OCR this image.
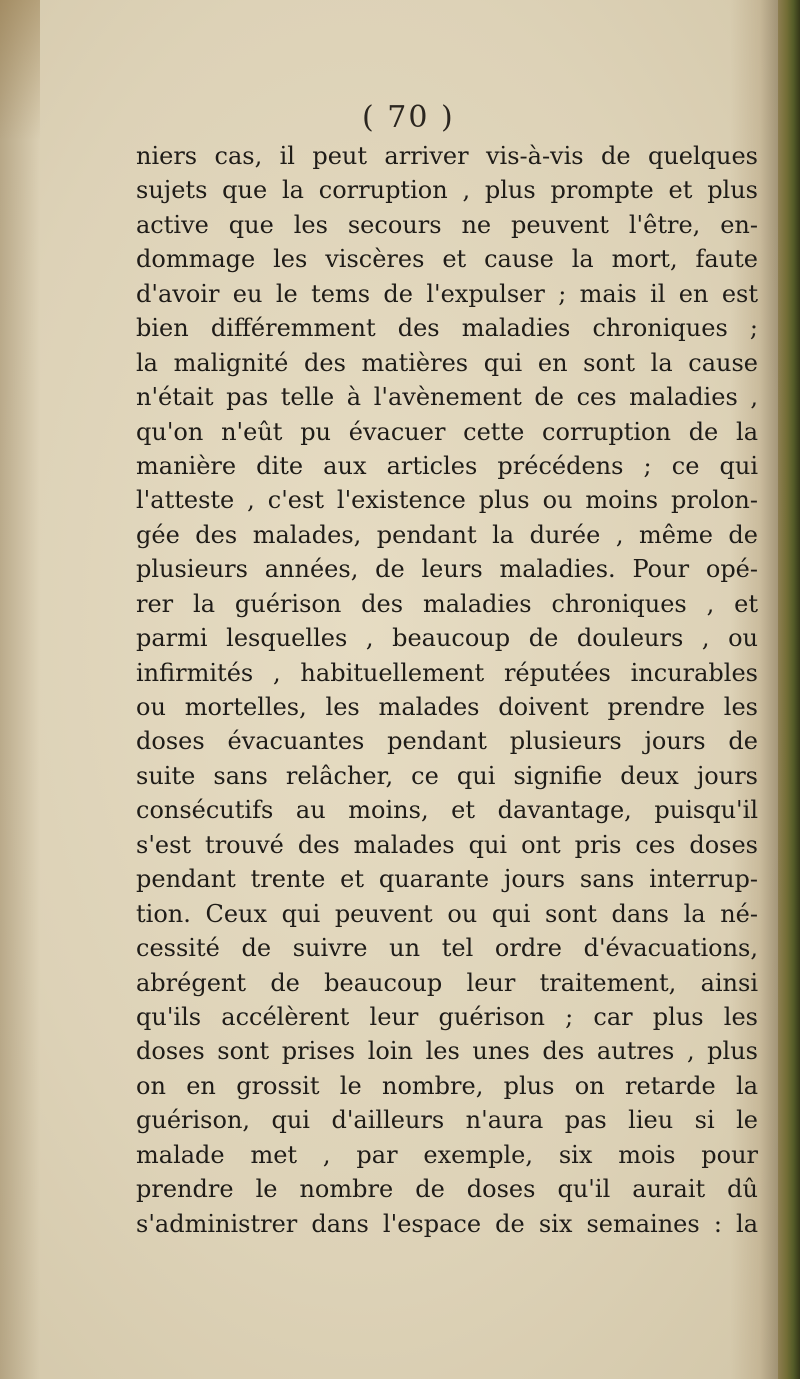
( 70 )
niers cas, il peut arriver vis-à-vis de quelques
sujets que la corruption , plus prompte et plus
active que les secours ne peuvent l'être, en-
dommage les viscères et cause la mort, faute
d'avoir eu le tems de l'expulser ; mais il en est
bien différemment des maladies chroniques ;
la malignité des matières qui en sont la cause
n'était pas telle à l'avènement de ces maladies ,
qu'on n'eût pu évacuer cette corruption de la
manière dite aux articles précédens ; ce qui
l'atteste , c'est l'existence plus ou moins prolon-
gée des malades, pendant la durée , même de
plusieurs années, de leurs maladies. Pour opé-
rer la guérison des maladies chroniques , et
parmi lesquelles , beaucoup de douleurs , ou
infirmités , habituellement réputées incurables
ou mortelles, les malades doivent prendre les
doses évacuantes pendant plusieurs jours de
suite sans relâcher, ce qui signifie deux jours
consécutifs au moins, et davantage, puisqu'il
s'est trouvé des malades qui ont pris ces doses
pendant trente et quarante jours sans interrup-
tion. Ceux qui peuvent ou qui sont dans la né-
cessité de suivre un tel ordre d'évacuations,
abrégent de beaucoup leur traitement, ainsi
qu'ils accélèrent leur guérison ; car plus les
doses sont prises loin les unes des autres , plus
on en grossit le nombre, plus on retarde la
guérison, qui d'ailleurs n'aura pas lieu si le
malade met , par exemple, six mois pour
prendre le nombre de doses qu'il aurait dû
s'administrer dans l'espace de six semaines : la
